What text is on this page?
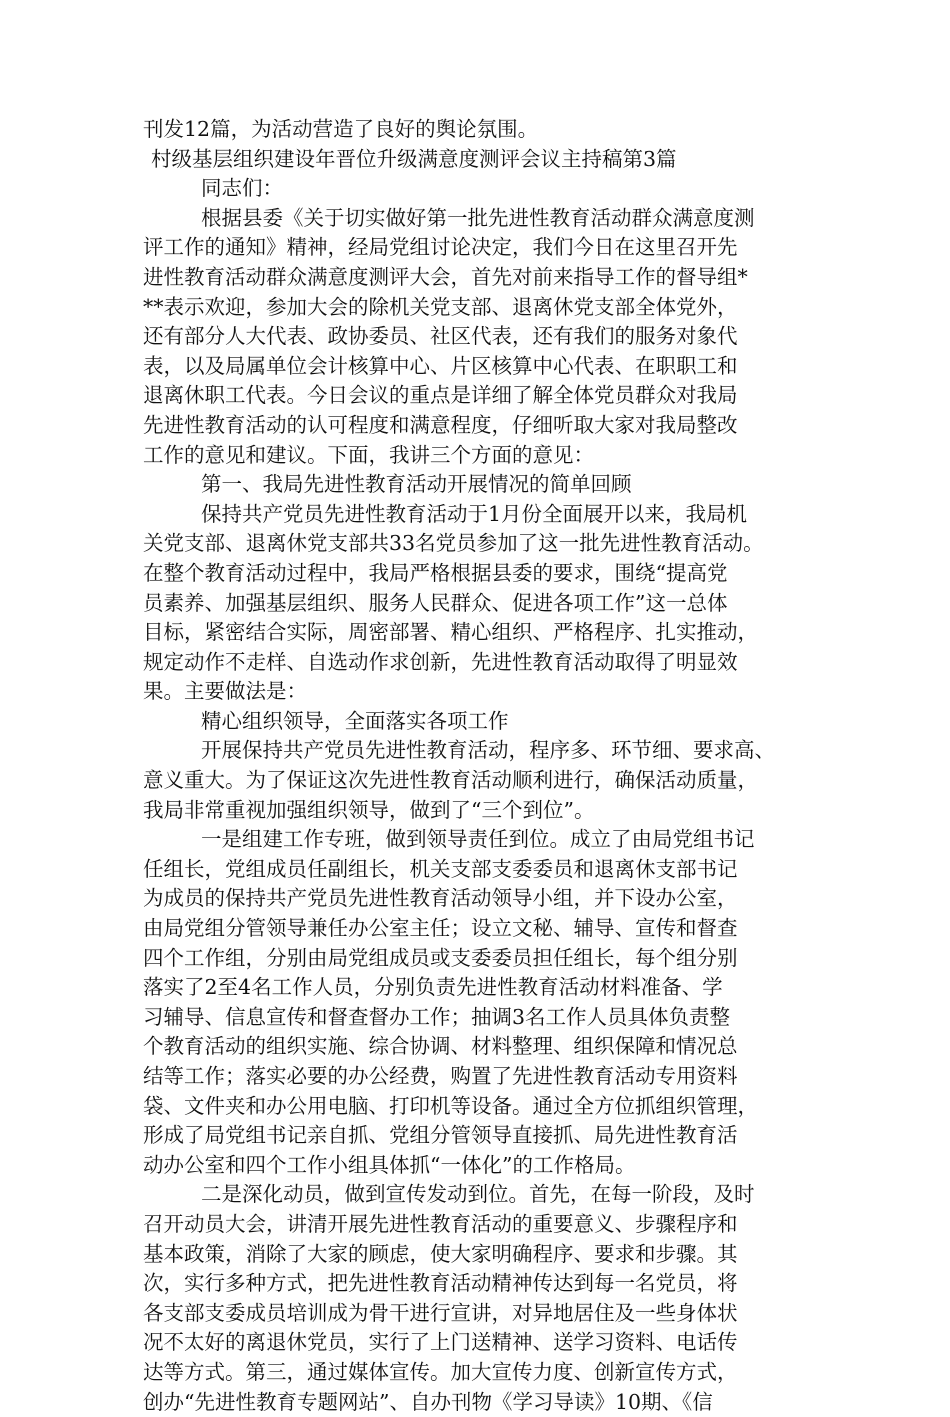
刊发12篇，为活动营造了良好的舆论氛围。
村级基层组织建设年晋位升级满意度测评会议主持稿第3篇
同志们：
根据县委《关于切实做好第一批先进性教育活动群众满意度测
评工作的通知》精神，经局党组讨论决定，我们今日在这里召开先
进性教育活动群众满意度测评大会，首先对前来指导工作的督导组*
**表示欢迎，参加大会的除机关党支部、退离休党支部全体党外，
还有部分人大代表、政协委员、社区代表，还有我们的服务对象代
表，以及局属单位会计核算中心、片区核算中心代表、在职职工和
退离休职工代表。今日会议的重点是详细了解全体党员群众对我局
先进性教育活动的认可程度和满意程度，仔细听取大家对我局整改
工作的意见和建议。下面，我讲三个方面的意见：
第一、我局先进性教育活动开展情况的简单回顾
保持共产党员先进性教育活动于1月份全面展开以来，我局机
关党支部、退离休党支部共33名党员参加了这一批先进性教育活动。
在整个教育活动过程中，我局严格根据县委的要求，围绕“提高党
员素养、加强基层组织、服务人民群众、促进各项工作”这一总体
目标，紧密结合实际，周密部署、精心组织、严格程序、扎实推动，
规定动作不走样、自选动作求创新，先进性教育活动取得了明显效
果。主要做法是：
精心组织领导，全面落实各项工作
开展保持共产党员先进性教育活动，程序多、环节细、要求高、
意义重大。为了保证这次先进性教育活动顺利进行，确保活动质量，
我局非常重视加强组织领导，做到了“三个到位”。
一是组建工作专班，做到领导责任到位。成立了由局党组书记
任组长，党组成员任副组长，机关支部支委委员和退离休支部书记
为成员的保持共产党员先进性教育活动领导小组，并下设办公室，
由局党组分管领导兼任办公室主任；设立文秘、辅导、宣传和督查
四个工作组，分别由局党组成员或支委委员担任组长，每个组分别
落实了2至4名工作人员，分别负责先进性教育活动材料准备、学
习辅导、信息宣传和督查督办工作；抽调3名工作人员具体负责整
个教育活动的组织实施、综合协调、材料整理、组织保障和情况总
结等工作；落实必要的办公经费，购置了先进性教育活动专用资料
袋、文件夹和办公用电脑、打印机等设备。通过全方位抓组织管理，
形成了局党组书记亲自抓、党组分管领导直接抓、局先进性教育活
动办公室和四个工作小组具体抓“一体化”的工作格局。
二是深化动员，做到宣传发动到位。首先，在每一阶段，及时
召开动员大会，讲清开展先进性教育活动的重要意义、步骤程序和
基本政策，消除了大家的顾虑，使大家明确程序、要求和步骤。其
次，实行多种方式，把先进性教育活动精神传达到每一名党员，将
各支部支委成员培训成为骨干进行宣讲，对异地居住及一些身体状
况不太好的离退休党员，实行了上门送精神、送学习资料、电话传
达等方式。第三，通过媒体宣传。加大宣传力度、创新宣传方式，
创办“先进性教育专题网站”、自办刊物《学习导读》10期、《信
